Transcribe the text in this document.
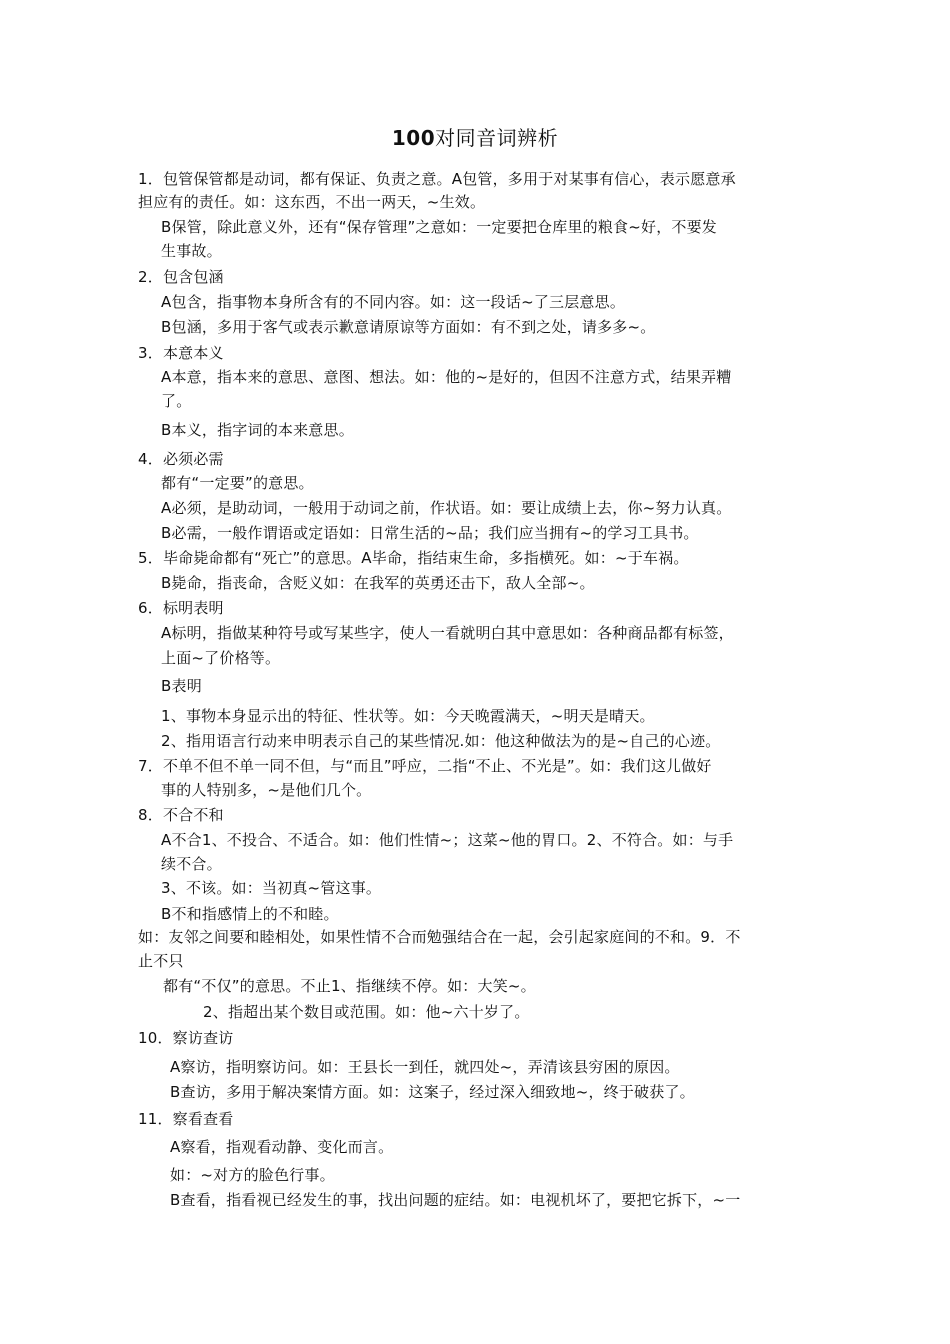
100对同音词辨析
1．包管保管都是动词，都有保证、负责之意。A包管，多用于对某事有信心，表示愿意承
担应有的责任。如：这东西，不出一两天，~生效。
B保管，除此意义外，还有“保存管理”之意如：一定要把仓库里的粮食~好，不要发
生事故。
2．包含包涵
A包含，指事物本身所含有的不同内容。如：这一段话~了三层意思。
B包涵，多用于客气或表示歉意请原谅等方面如：有不到之处，请多多~。
3．本意本义
A本意，指本来的意思、意图、想法。如：他的~是好的，但因不注意方式，结果弄糟
了。
B本义，指字词的本来意思。
4．必须必需
都有“一定要”的意思。
A必须，是助动词，一般用于动词之前，作状语。如：要让成绩上去，你~努力认真。
B必需，一般作谓语或定语如：日常生活的~品；我们应当拥有~的学习工具书。
5．毕命毙命都有“死亡”的意思。A毕命，指结束生命，多指横死。如：~于车祸。
B毙命，指丧命，含贬义如：在我军的英勇还击下，敌人全部~。
6．标明表明
A标明，指做某种符号或写某些字，使人一看就明白其中意思如：各种商品都有标签，
上面~了价格等。
B表明
1、事物本身显示出的特征、性状等。如：今天晚霞满天，~明天是晴天。
2、指用语言行动来申明表示自己的某些情况.如：他这种做法为的是~自己的心迹。
7．不单不但不单一同不但，与“而且”呼应，二指“不止、不光是”。如：我们这儿做好
事的人特别多，~是他们几个。
8．不合不和
A不合1、不投合、不适合。如：他们性情~；这菜~他的胃口。2、不符合。如：与手
续不合。
3、不该。如：当初真~管这事。
B不和指感情上的不和睦。
如：友邻之间要和睦相处，如果性情不合而勉强结合在一起，会引起家庭间的不和。9．不
止不只
都有“不仅”的意思。不止1、指继续不停。如：大笑~。
2、指超出某个数目或范围。如：他~六十岁了。
10．察访查访
A察访，指明察访问。如：王县长一到任，就四处~，弄清该县穷困的原因。
B查访，多用于解决案情方面。如：这案子，经过深入细致地~，终于破获了。
11．察看查看
A察看，指观看动静、变化而言。
如：~对方的脸色行事。
B查看，指看视已经发生的事，找出问题的症结。如：电视机坏了，要把它拆下，~一
